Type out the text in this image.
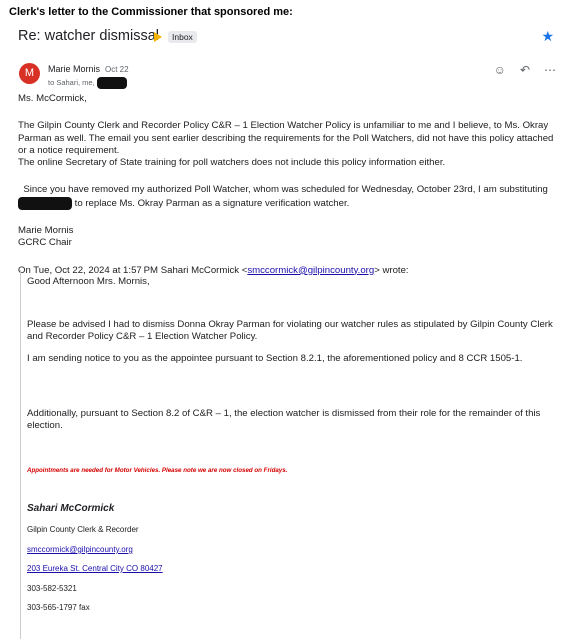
Clerk's letter to the Commissioner that sponsored me:
Re: watcher dismissal	Inbox	★
M	Marie Mornis Oct 22
to Sahari, me,
☺ ↶ ⋯

Ms. McCormick,

The Gilpin County Clerk and Recorder Policy C&R – 1 Election Watcher Policy is unfamiliar to me and I believe, to Ms. Okray Parman as well. The email you sent earlier describing the requirements for the Poll Watchers, did not have this policy attached or a notice requirement.

The online Secretary of State training for poll watchers does not include this policy information either.

Since you have removed my authorized Poll Watcher, whom was scheduled for Wednesday, October 23rd, I am substituting  to replace Ms. Okray Parman as a signature verification watcher.

Marie Mornis

GCRC Chair

On Tue, Oct 22, 2024 at 1:57 PM Sahari McCormick <smccormick@gilpincounty.org> wrote:

Good Afternoon Mrs. Mornis,
Please be advised I had to dismiss Donna Okray Parman for violating our watcher rules as stipulated by Gilpin County Clerk and Recorder Policy C&R – 1 Election Watcher Policy.
I am sending notice to you as the appointee pursuant to Section 8.2.1, the aforementioned policy and 8 CCR 1505-1.
Additionally, pursuant to Section 8.2 of C&R – 1, the election watcher is dismissed from their role for the remainder of this election.
Appointments are needed for Motor Vehicles. Please note we are now closed on Fridays.
Sahari McCormick
Gilpin County Clerk & Recorder
smccormick@gilpincounty.org
203 Eureka St. Central City CO 80427
303-582-5321
303-565-1797 fax
